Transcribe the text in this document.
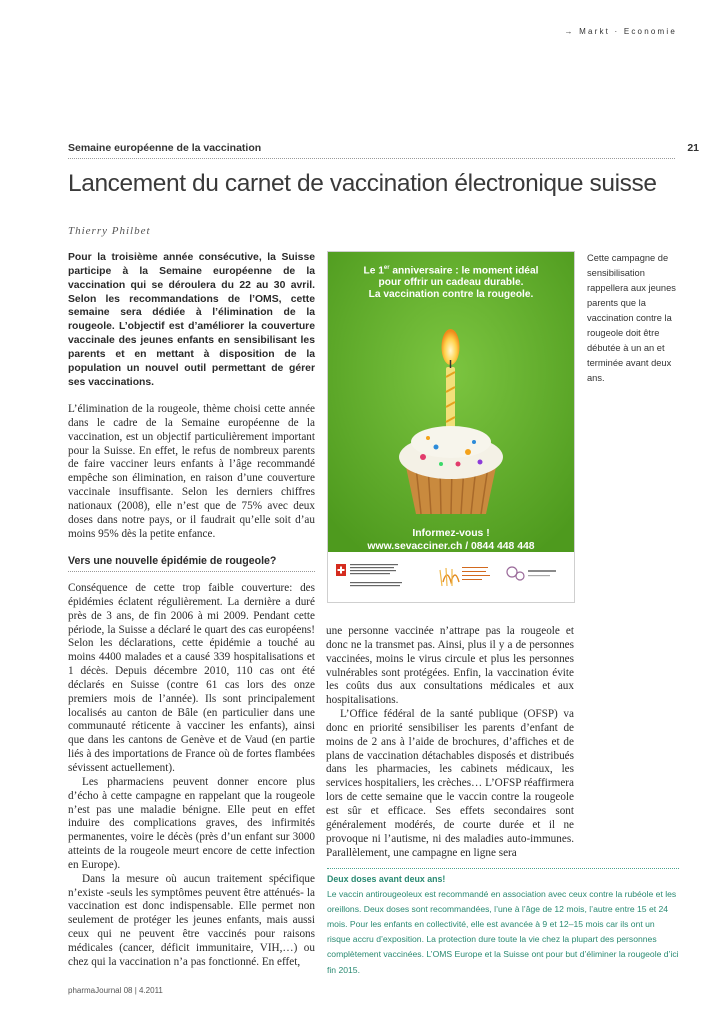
→ Markt · Economie
Semaine européenne de la vaccination	21
Lancement du carnet de vaccination électronique suisse
Thierry Philbet
Pour la troisième année consécutive, la Suisse participe à la Semaine européenne de la vaccination qui se déroulera du 22 au 30 avril. Selon les recommandations de l’OMS, cette semaine sera dédiée à l’élimination de la rougeole. L’objectif est d’améliorer la couverture vaccinale des jeunes enfants en sensibilisant les parents et en mettant à disposition de la population un nouvel outil permettant de gérer ses vaccinations.

L’élimination de la rougeole, thème choisi cette année dans le cadre de la Semaine européenne de la vaccination, est un objectif particulièrement important pour la Suisse. En effet, le refus de nombreux parents de faire vacciner leurs enfants à l’âge recommandé empêche son élimination, en raison d’une couverture vaccinale insuffisante. Selon les derniers chiffres nationaux (2008), elle n’est que de 75% avec deux doses dans notre pays, or il faudrait qu’elle soit d’au moins 95% dès la petite enfance.

Vers une nouvelle épidémie de rougeole?

Conséquence de cette trop faible couverture: des épidémies éclatent régulièrement. La dernière a duré près de 3 ans, de fin 2006 à mi 2009. Pendant cette période, la Suisse a déclaré le quart des cas européens! Selon les déclarations, cette épidémie a touché au moins 4400 malades et a causé 339 hospitalisations et 1 décès. Depuis décembre 2010, 110 cas ont été déclarés en Suisse (contre 61 cas lors des onze premiers mois de l’année). Ils sont principalement localisés au canton de Bâle (en particulier dans une communauté réticente à vacciner les enfants), ainsi que dans les cantons de Genève et de Vaud (en partie liés à des importations de France où de fortes flambées sévissent actuellement).

Les pharmaciens peuvent donner encore plus d’écho à cette campagne en rappelant que la rougeole n’est pas une maladie bénigne. Elle peut en effet induire des complications graves, des infirmités permanentes, voire le décès (près d’un enfant sur 3000 atteints de la rougeole meurt encore de cette infection en Europe).

Dans la mesure où aucun traitement spécifique n’existe -seuls les symptômes peuvent être atténués- la vaccination est donc indispensable. Elle permet non seulement de protéger les jeunes enfants, mais aussi ceux qui ne peuvent être vaccinés pour raisons médicales (cancer, déficit immunitaire, VIH,…) ou chez qui la vaccination n’a pas fonctionné. En effet,

Le 1er anniversaire : le moment idéal
pour offrir un cadeau durable.
La vaccination contre la rougeole.
Informez-vous !
www.sevacciner.ch / 0844 448 448
Cette campagne de sensibilisation rappellera aux jeunes parents que la vaccination contre la rougeole doit être débutée à un an et terminée avant deux ans.

une personne vaccinée n’attrape pas la rougeole et donc ne la transmet pas. Ainsi, plus il y a de personnes vaccinées, moins le virus circule et plus les personnes vulnérables sont protégées. Enfin, la vaccination évite les coûts dus aux consultations médicales et aux hospitalisations.

L’Office fédéral de la santé publique (OFSP) va donc en priorité sensibiliser les parents d’enfant de moins de 2 ans à l’aide de brochures, d’affiches et de plans de vaccination détachables disposés et distribués dans les pharmacies, les cabinets médicaux, les services hospitaliers, les crèches… L’OFSP réaffirmera lors de cette semaine que le vaccin contre la rougeole est sûr et efficace. Ses effets secondaires sont généralement modérés, de courte durée et il ne provoque ni l’autisme, ni des maladies auto-immunes. Parallèlement, une campagne en ligne sera

Deux doses avant deux ans!
Le vaccin antirougeoleux est recommandé en association avec ceux contre la rubéole et les oreillons. Deux doses sont recommandées, l’une à l’âge de 12 mois, l’autre entre 15 et 24 mois. Pour les enfants en collectivité, elle est avancée à 9 et 12–15 mois car ils ont un risque accru d’exposition. La protection dure toute la vie chez la plupart des personnes complètement vaccinées. L’OMS Europe et la Suisse ont pour but d’éliminer la rougeole d’ici fin 2015.
pharmaJournal 08 | 4.2011
